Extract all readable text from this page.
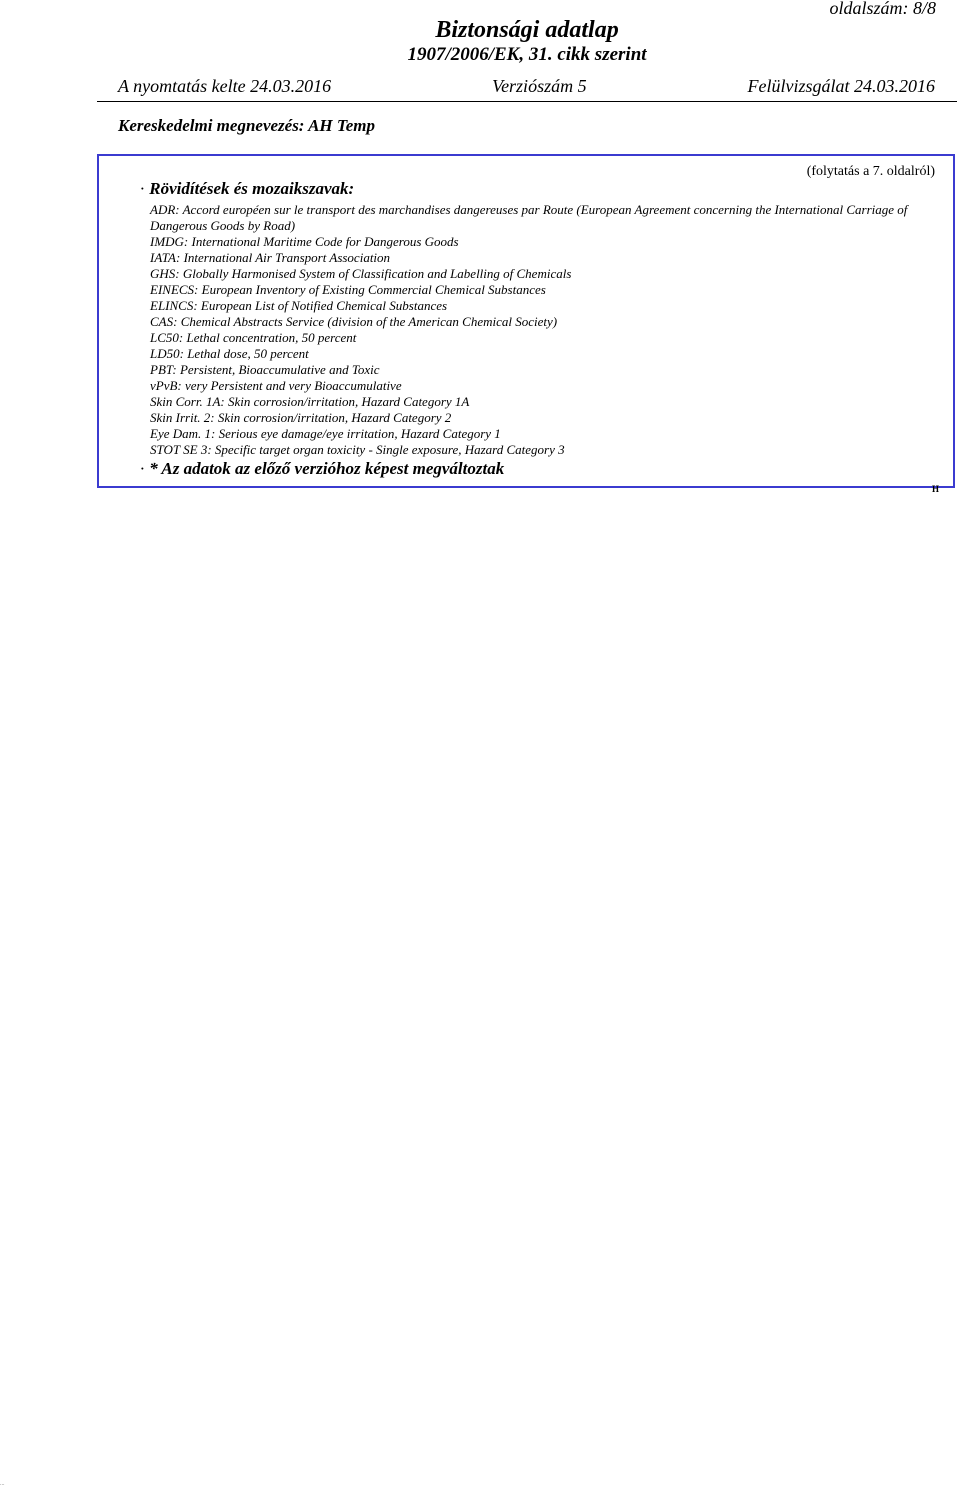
oldalszám: 8/8
Biztonsági adatlap
1907/2006/EK, 31. cikk szerint
A nyomtatás kelte 24.03.2016	Verziószám 5	Felülvizsgálat 24.03.2016
Kereskedelmi megnevezés: AH Temp
(folytatás a 7. oldalról)
· Rövidítések és mozaikszavak:
ADR: Accord européen sur le transport des marchandises dangereuses par Route (European Agreement concerning the International Carriage of Dangerous Goods by Road)
IMDG: International Maritime Code for Dangerous Goods
IATA: International Air Transport Association
GHS: Globally Harmonised System of Classification and Labelling of Chemicals
EINECS: European Inventory of Existing Commercial Chemical Substances
ELINCS: European List of Notified Chemical Substances
CAS: Chemical Abstracts Service (division of the American Chemical Society)
LC50: Lethal concentration, 50 percent
LD50: Lethal dose, 50 percent
PBT: Persistent, Bioaccumulative and Toxic
vPvB: very Persistent and very Bioaccumulative
Skin Corr. 1A: Skin corrosion/irritation, Hazard Category 1A
Skin Irrit. 2: Skin corrosion/irritation, Hazard Category 2
Eye Dam. 1: Serious eye damage/eye irritation, Hazard Category 1
STOT SE 3: Specific target organ toxicity - Single exposure, Hazard Category 3
· * Az adatok az előző verzióhoz képest megváltoztak
H
...
